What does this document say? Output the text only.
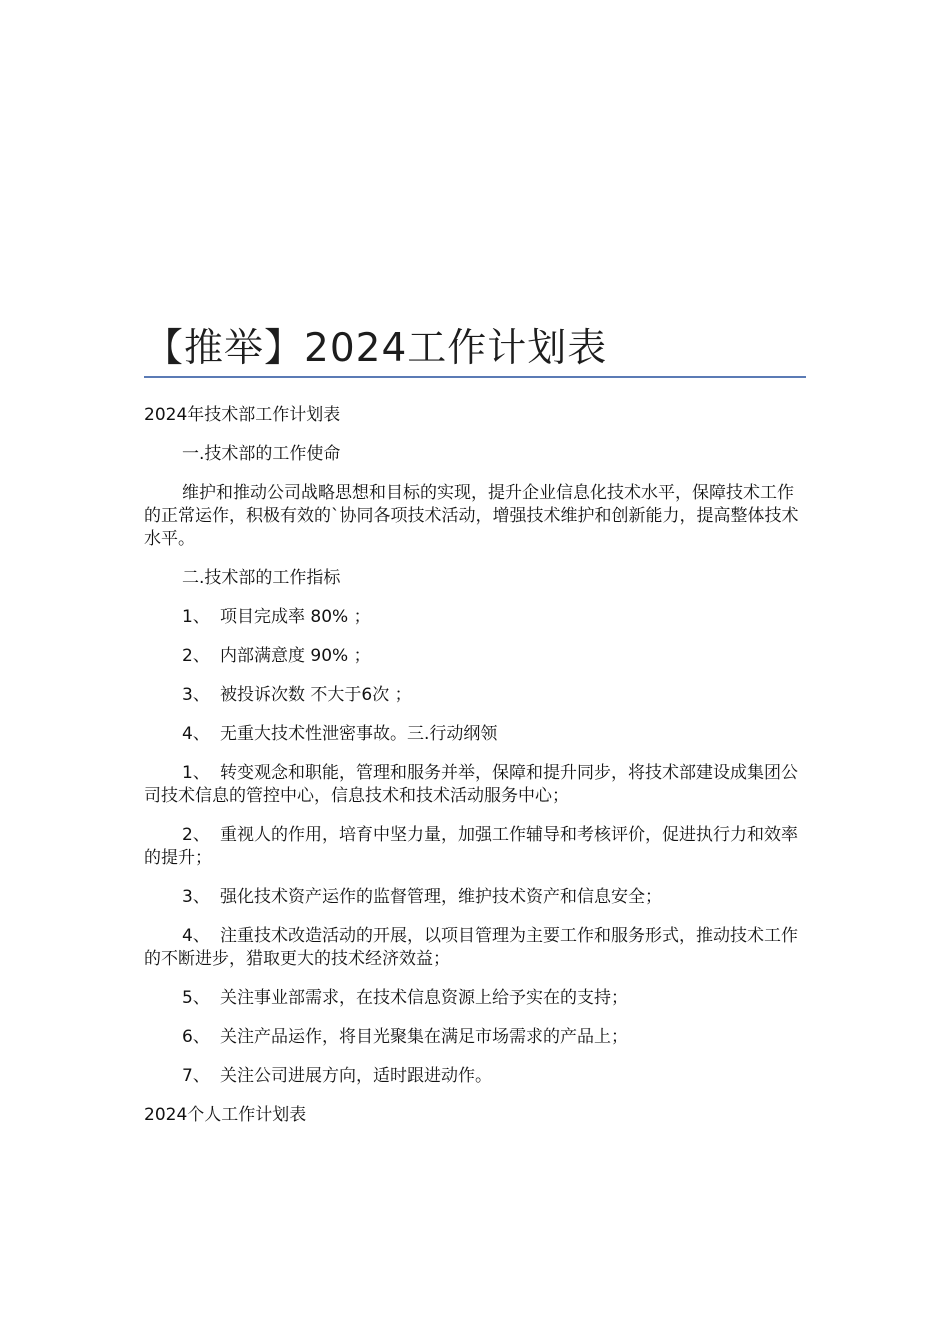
【推举】2024工作计划表

2024年技术部工作计划表

一.技术部的工作使命

维护和推动公司战略思想和目标的实现，提升企业信息化技术水平，保障技术工作的正常运作，积极有效的`协同各项技术活动，增强技术维护和创新能力，提高整体技术水平。

二.技术部的工作指标

1、 项目完成率 80% ；

2、 内部满意度 90% ；

3、 被投诉次数 不大于6次 ；

4、 无重大技术性泄密事故。三.行动纲领

1、 转变观念和职能，管理和服务并举，保障和提升同步，将技术部建设成集团公司技术信息的管控中心，信息技术和技术活动服务中心；

2、 重视人的作用，培育中坚力量，加强工作辅导和考核评价，促进执行力和效率的提升；

3、 强化技术资产运作的监督管理，维护技术资产和信息安全；

4、 注重技术改造活动的开展，以项目管理为主要工作和服务形式，推动技术工作的不断进步，猎取更大的技术经济效益；

5、 关注事业部需求，在技术信息资源上给予实在的支持；

6、 关注产品运作，将目光聚集在满足市场需求的产品上；

7、 关注公司进展方向，适时跟进动作。

2024个人工作计划表
